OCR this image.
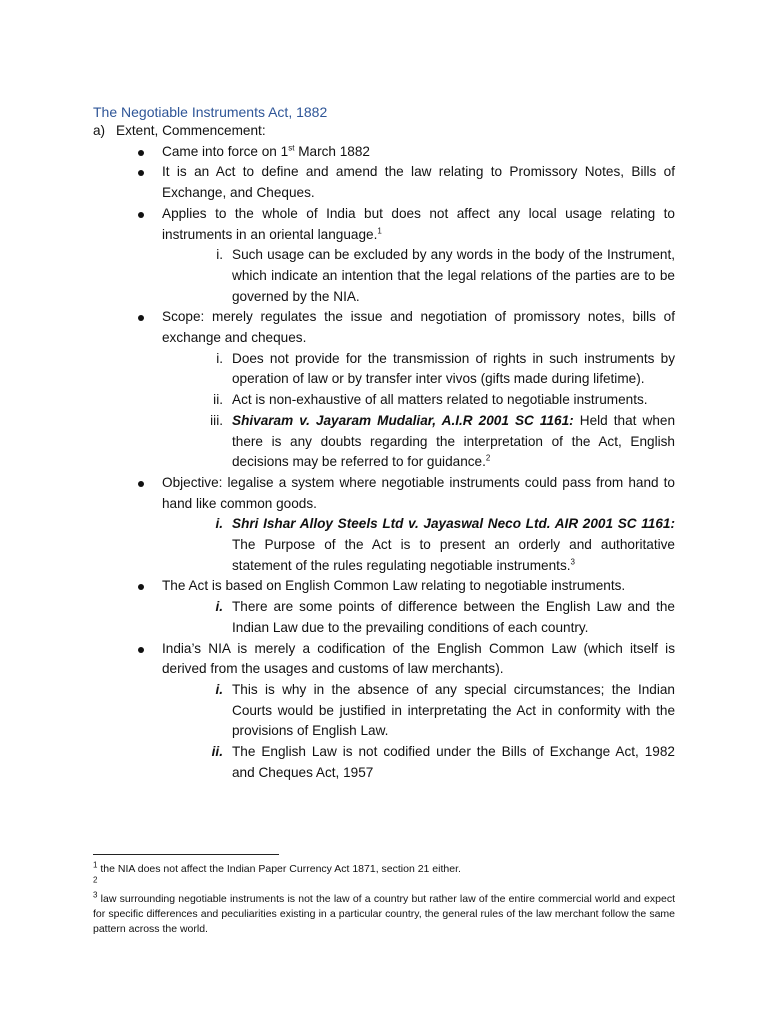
The Negotiable Instruments Act, 1882
a) Extent, Commencement:
Came into force on 1st March 1882
It is an Act to define and amend the law relating to Promissory Notes, Bills of Exchange, and Cheques.
Applies to the whole of India but does not affect any local usage relating to instruments in an oriental language.$^1$
i. Such usage can be excluded by any words in the body of the Instrument, which indicate an intention that the legal relations of the parties are to be governed by the NIA.
Scope: merely regulates the issue and negotiation of promissory notes, bills of exchange and cheques.
i. Does not provide for the transmission of rights in such instruments by operation of law or by transfer inter vivos (gifts made during lifetime).
ii. Act is non-exhaustive of all matters related to negotiable instruments.
iii. Shivaram v. Jayaram Mudaliar, A.I.R 2001 SC 1161: Held that when there is any doubts regarding the interpretation of the Act, English decisions may be referred to for guidance.$^2$
Objective: legalise a system where negotiable instruments could pass from hand to hand like common goods.
i. Shri Ishar Alloy Steels Ltd v. Jayaswal Neco Ltd. AIR 2001 SC 1161: The Purpose of the Act is to present an orderly and authoritative statement of the rules regulating negotiable instruments.$^3$
The Act is based on English Common Law relating to negotiable instruments.
i. There are some points of difference between the English Law and the Indian Law due to the prevailing conditions of each country.
India’s NIA is merely a codification of the English Common Law (which itself is derived from the usages and customs of law merchants).
i. This is why in the absence of any special circumstances; the Indian Courts would be justified in interpretating the Act in conformity with the provisions of English Law.
ii. The English Law is not codified under the Bills of Exchange Act, 1982 and Cheques Act, 1957

$^1$ the NIA does not affect the Indian Paper Currency Act 1871, section 21 either.

$^2$

$^3$ law surrounding negotiable instruments is not the law of a country but rather law of the entire commercial world and expect for specific differences and peculiarities existing in a particular country, the general rules of the law merchant follow the same pattern across the world.
